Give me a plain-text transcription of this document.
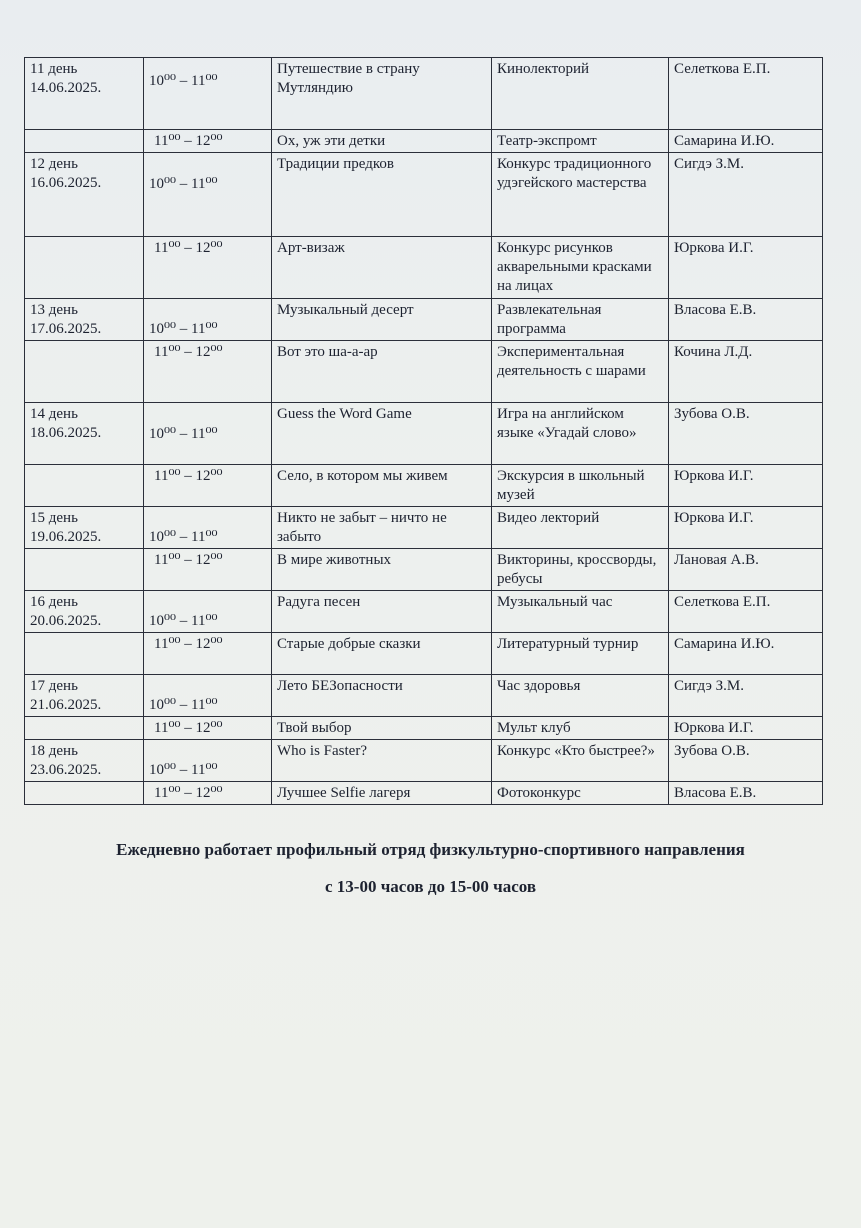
11 день
14.06.2025.	10⁰⁰ – 11⁰⁰	Путешествие в страну Мутляндию	Кинолекторий	Селеткова Е.П.
	11⁰⁰ – 12⁰⁰	Ох, уж эти детки	Театр-экспромт	Самарина И.Ю.
12 день
16.06.2025.	10⁰⁰ – 11⁰⁰	Традиции предков	Конкурс традиционного удэгейского мастерства	Сигдэ З.М.
	11⁰⁰ – 12⁰⁰	Арт-визаж	Конкурс рисунков акварельными красками на лицах	Юркова И.Г.
13 день
17.06.2025.	10⁰⁰ – 11⁰⁰	Музыкальный десерт	Развлекательная программа	Власова Е.В.
	11⁰⁰ – 12⁰⁰	Вот это ша-а-ар	Экспериментальная деятельность с шарами	Кочина Л.Д.
14 день
18.06.2025.	10⁰⁰ – 11⁰⁰	Guess the Word Game	Игра на английском языке «Угадай слово»	Зубова О.В.
	11⁰⁰ – 12⁰⁰	Село, в котором мы живем	Экскурсия в школьный музей	Юркова И.Г.
15 день
19.06.2025.	10⁰⁰ – 11⁰⁰	Никто не забыт – ничто не забыто	Видео лекторий	Юркова И.Г.
	11⁰⁰ – 12⁰⁰	В мире животных	Викторины, кроссворды, ребусы	Лановая А.В.
16 день
20.06.2025.	10⁰⁰ – 11⁰⁰	Радуга песен	Музыкальный час	Селеткова Е.П.
	11⁰⁰ – 12⁰⁰	Старые добрые сказки	Литературный турнир	Самарина И.Ю.
17 день
21.06.2025.	10⁰⁰ – 11⁰⁰	Лето БЕЗопасности	Час здоровья	Сигдэ З.М.
	11⁰⁰ – 12⁰⁰	Твой выбор	Мульт клуб	Юркова И.Г.
18 день
23.06.2025.	10⁰⁰ – 11⁰⁰	Who is Faster?	Конкурс «Кто быстрее?»	Зубова О.В.
	11⁰⁰ – 12⁰⁰	Лучшее Selfie лагеря	Фотоконкурс	Власова Е.В.
Ежедневно работает профильный отряд физкультурно-спортивного направления
с 13-00 часов до 15-00 часов
